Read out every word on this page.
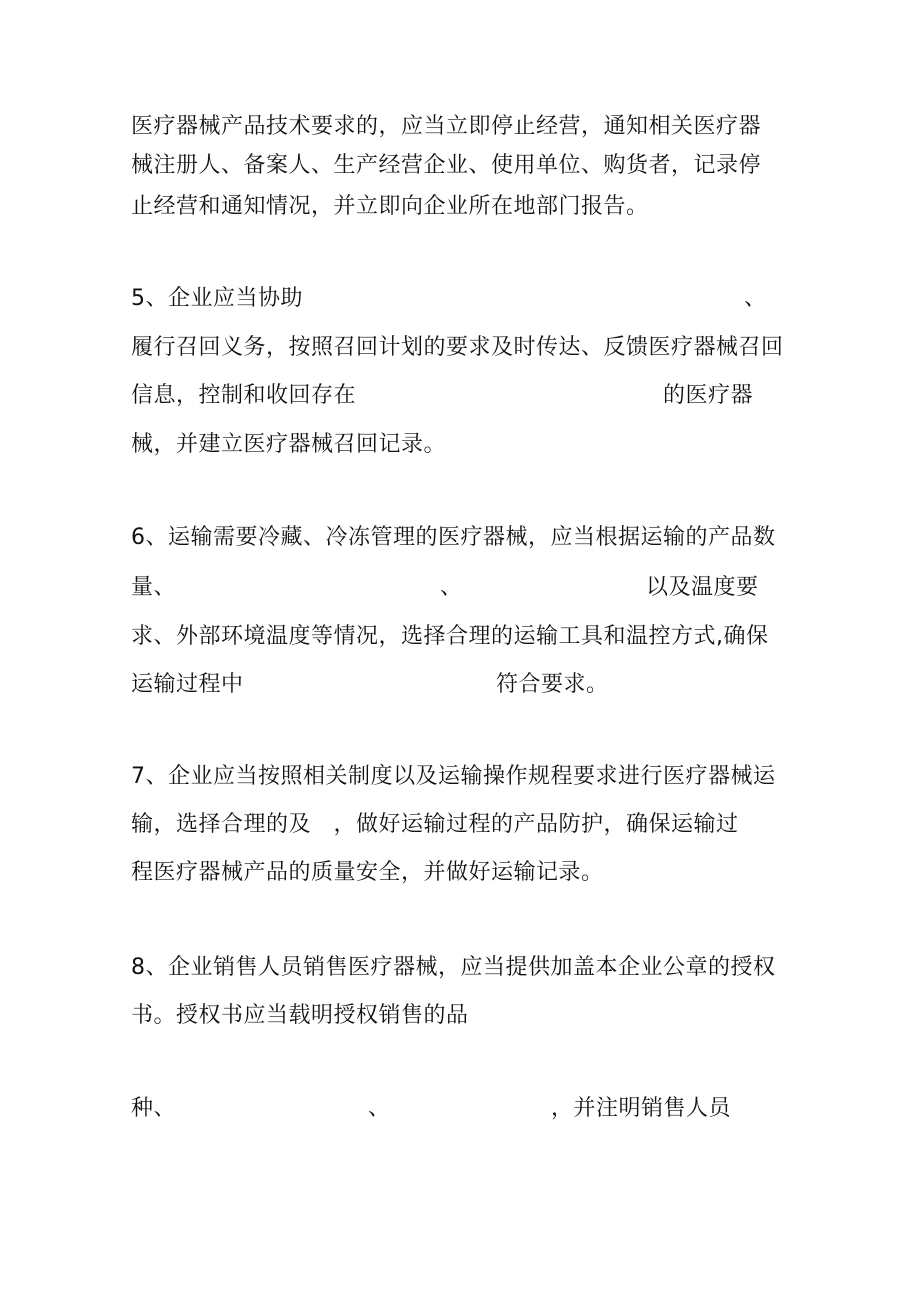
医疗器械产品技术要求的，应当立即停止经营，通知相关医疗器
械注册人、备案人、生产经营企业、使用单位、购货者，记录停
止经营和通知情况，并立即向企业所在地部门报告。
5、企业应当协助	、
履行召回义务，按照召回计划的要求及时传达、反馈医疗器械召回
信息，控制和收回存在	的医疗器
械，并建立医疗器械召回记录。
6、运输需要冷藏、冷冻管理的医疗器械，应当根据运输的产品数
量、	、	以及温度要
求、外部环境温度等情况，选择合理的运输工具和温控方式,确保
运输过程中	符合要求。
7、企业应当按照相关制度以及运输操作规程要求进行医疗器械运
输，选择合理的及　，做好运输过程的产品防护，确保运输过
程医疗器械产品的质量安全，并做好运输记录。
8、企业销售人员销售医疗器械，应当提供加盖本企业公章的授权
书。授权书应当载明授权销售的品
种、	、	，并注明销售人员
